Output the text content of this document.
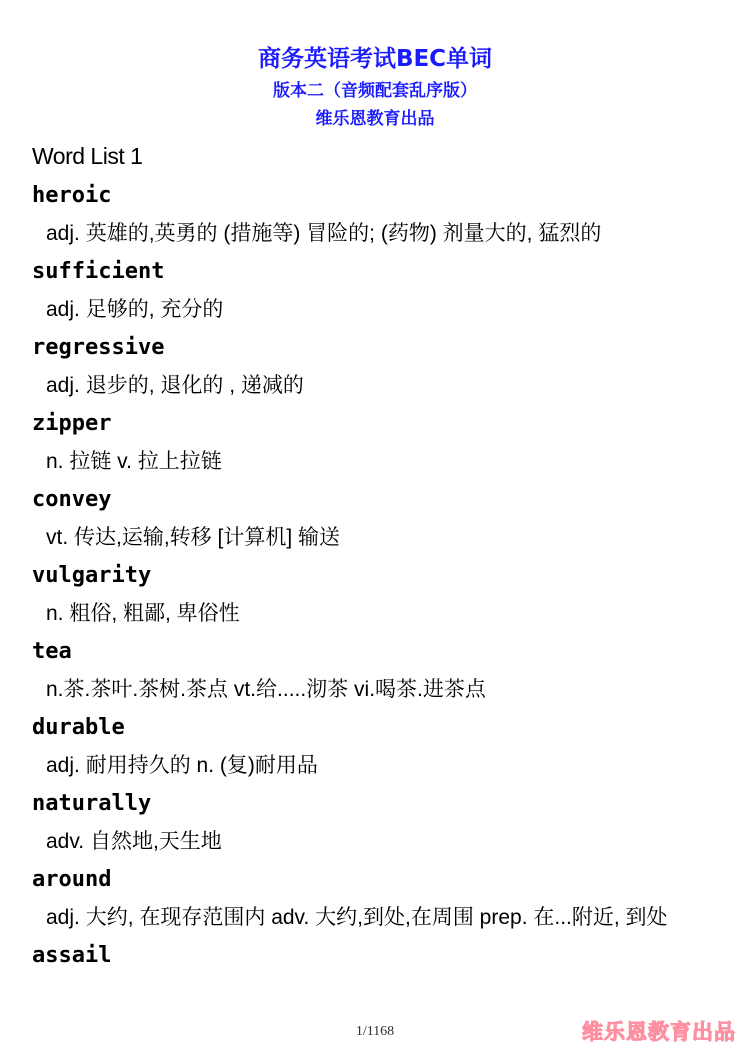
商务英语考试BEC单词
版本二（音频配套乱序版）
维乐恩教育出品
Word List 1
heroic
adj. 英雄的,英勇的 (措施等) 冒险的; (药物) 剂量大的, 猛烈的
sufficient
adj. 足够的, 充分的
regressive
adj. 退步的, 退化的 , 递减的
zipper
n. 拉链 v. 拉上拉链
convey
vt. 传达,运输,转移 [计算机] 输送
vulgarity
n. 粗俗, 粗鄙, 卑俗性
tea
n.茶.茶叶.茶树.茶点 vt.给.....沏茶 vi.喝茶.进茶点
durable
adj. 耐用持久的 n. (复)耐用品
naturally
adv. 自然地,天生地
around
adj. 大约, 在现存范围内 adv. 大约,到处,在周围 prep. 在...附近, 到处
assail
1/1168	维乐恩教育出品
